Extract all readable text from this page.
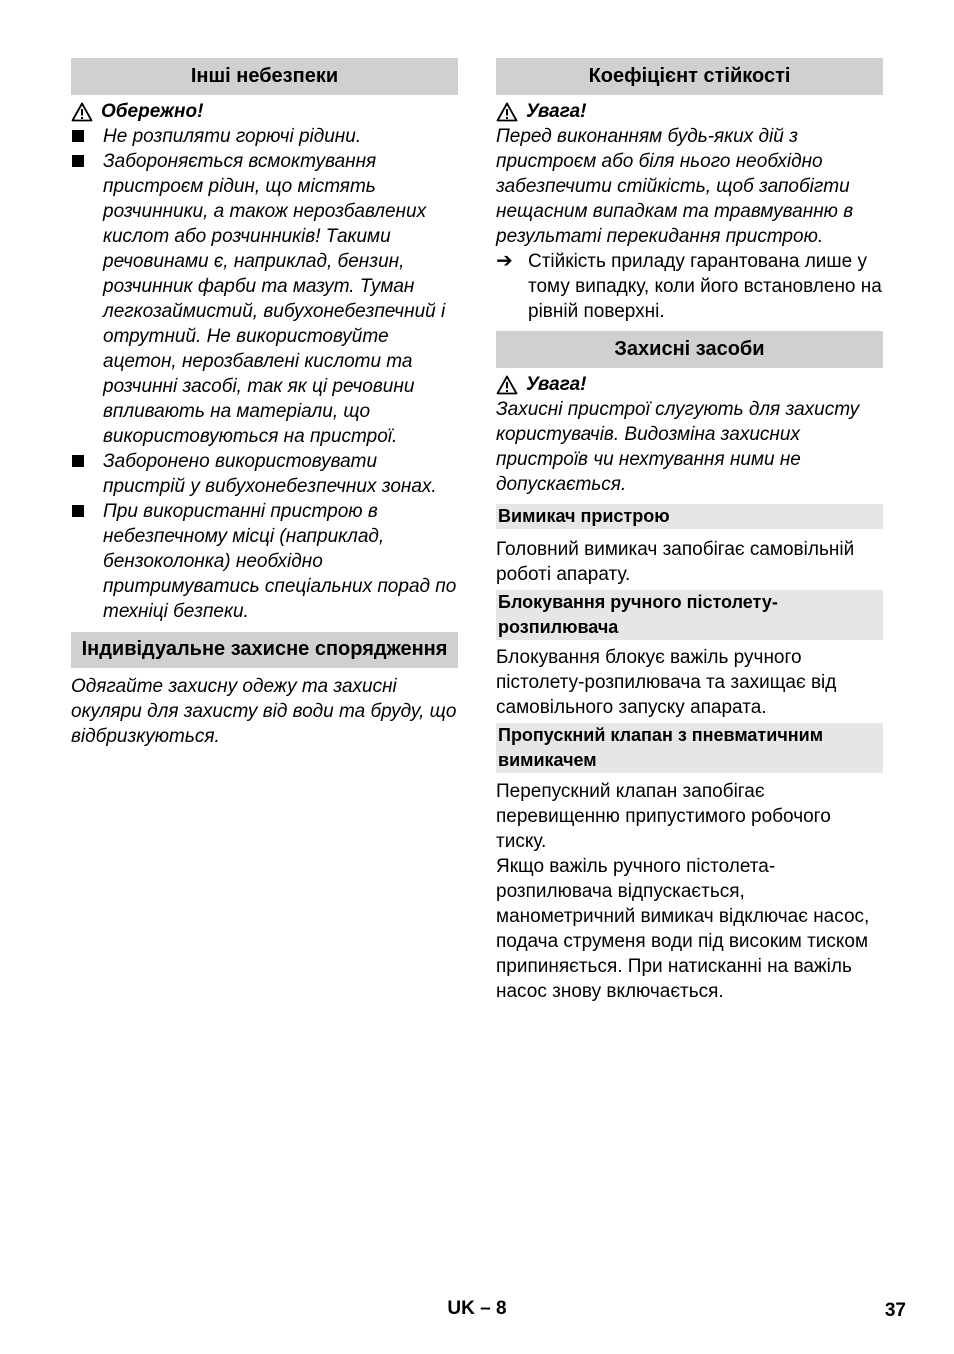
Інші небезпеки
Обережно!
Не розпиляти горючі рідини.
Забороняється всмоктування пристроєм рідин, що містять розчинники, а також нерозбавлених кислот або розчинників! Такими речовинами є, наприклад, бензин, розчинник фарби та мазут. Туман легкозаймистий, вибухонебезпечний і отрутний. Не використовуйте ацетон, нерозбавлені кислоти та розчинні засобі, так як ці речовини впливають на матеріали, що використовуються на пристрої.
Заборонено використовувати пристрій у вибухонебезпечних зонах.
При використанні пристрою в небезпечному місці (наприклад, бензоколонка) необхідно притримуватись спеціальних порад по техніці безпеки.
Індивідуальне захисне спорядження

Одягайте захисну одежу та захисні окуляри для захисту від води та бруду, що відбризкуються.

Коефіцієнт стійкості
Увага!

Перед виконанням будь-яких дій з пристроєм або біля нього необхідно забезпечити стійкість, щоб запобігти нещасним випадкам та травмуванню в результаті перекидання пристрою.

➔ Стійкість приладу гарантована лише у тому випадку, коли його встановлено на рівній поверхні.
Захисні засоби
Увага!

Захисні пристрої слугують для захисту користувачів. Видозміна захисних пристроїв чи нехтування ними не допускається.

Вимикач пристрою

Головний вимикач запобігає самовільній роботі апарату.

Блокування ручного пістолету-розпилювача

Блокування блокує важіль ручного пістолету-розпилювача та захищає від самовільного запуску апарата.

Пропускний клапан з пневматичним вимикачем

Перепускний клапан запобігає перевищенню припустимого робочого тиску.

Якщо важіль ручного пістолета-розпилювача відпускається, манометричний вимикач відключає насос, подача струменя води під високим тиском припиняється. При натисканні на важіль насос знову включається.

UK – 8	37
